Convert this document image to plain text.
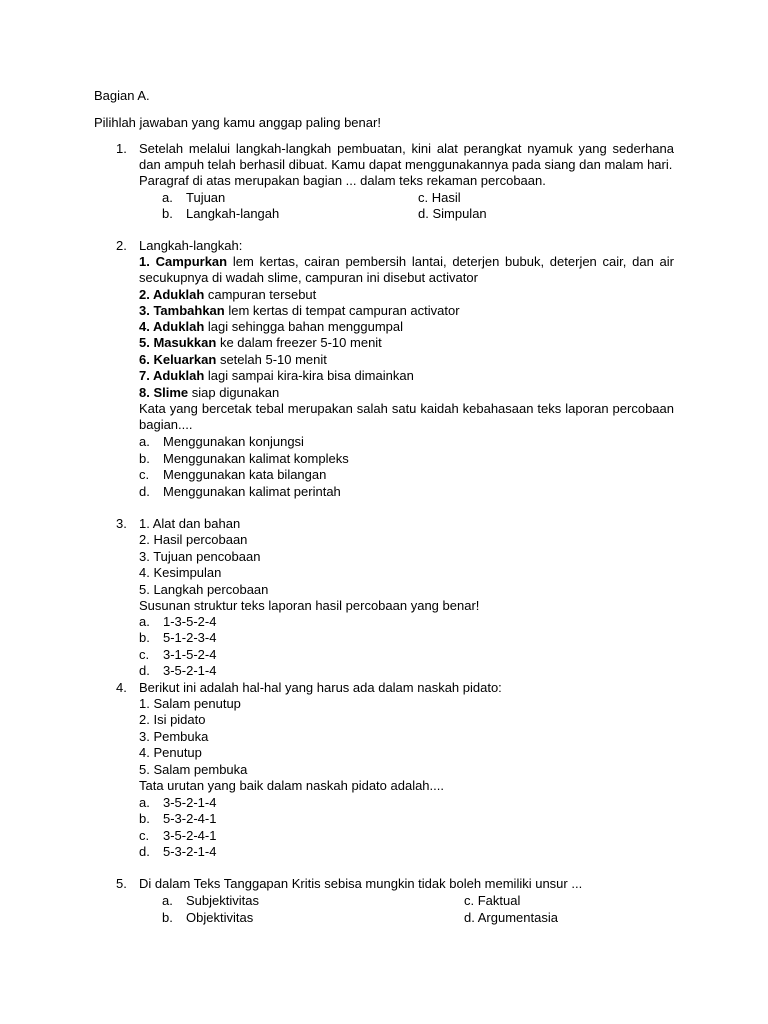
Bagian A.
Pilihlah jawaban yang kamu anggap paling benar!
1. Setelah melalui langkah-langkah pembuatan, kini alat perangkat nyamuk yang sederhana
dan ampuh telah berhasil dibuat. Kamu dapat menggunakannya pada siang dan malam hari.
Paragraf di atas merupakan bagian ... dalam teks rekaman percobaan.
a. Tujuan
b. Langkah-langah
c. Hasil
d. Simpulan
2. Langkah-langkah:
1. Campurkan lem kertas, cairan pembersih lantai, deterjen bubuk, deterjen cair, dan air
secukupnya di wadah slime, campuran ini disebut activator
2. Aduklah campuran tersebut
3. Tambahkan lem kertas di tempat campuran activator
4. Aduklah lagi sehingga bahan menggumpal
5. Masukkan ke dalam freezer 5-10 menit
6. Keluarkan setelah 5-10 menit
7. Aduklah lagi sampai kira-kira bisa dimainkan
8. Slime siap digunakan
Kata yang bercetak tebal merupakan salah satu kaidah kebahasaan teks laporan percobaan
bagian....
a. Menggunakan konjungsi
b. Menggunakan kalimat kompleks
c. Menggunakan kata bilangan
d. Menggunakan kalimat perintah
3. 1. Alat dan bahan
2. Hasil percobaan
3. Tujuan pencobaan
4. Kesimpulan
5. Langkah percobaan
Susunan struktur teks laporan hasil percobaan yang benar!
a. 1-3-5-2-4
b. 5-1-2-3-4
c. 3-1-5-2-4
d. 3-5-2-1-4
4. Berikut ini adalah hal-hal yang harus ada dalam naskah pidato:
1. Salam penutup
2. Isi pidato
3. Pembuka
4. Penutup
5. Salam pembuka
Tata urutan yang baik dalam naskah pidato adalah....
a. 3-5-2-1-4
b. 5-3-2-4-1
c. 3-5-2-4-1
d. 5-3-2-1-4
5. Di dalam Teks Tanggapan Kritis sebisa mungkin tidak boleh memiliki unsur ...
a. Subjektivitas
b. Objektivitas
c. Faktual
d. Argumentasia
